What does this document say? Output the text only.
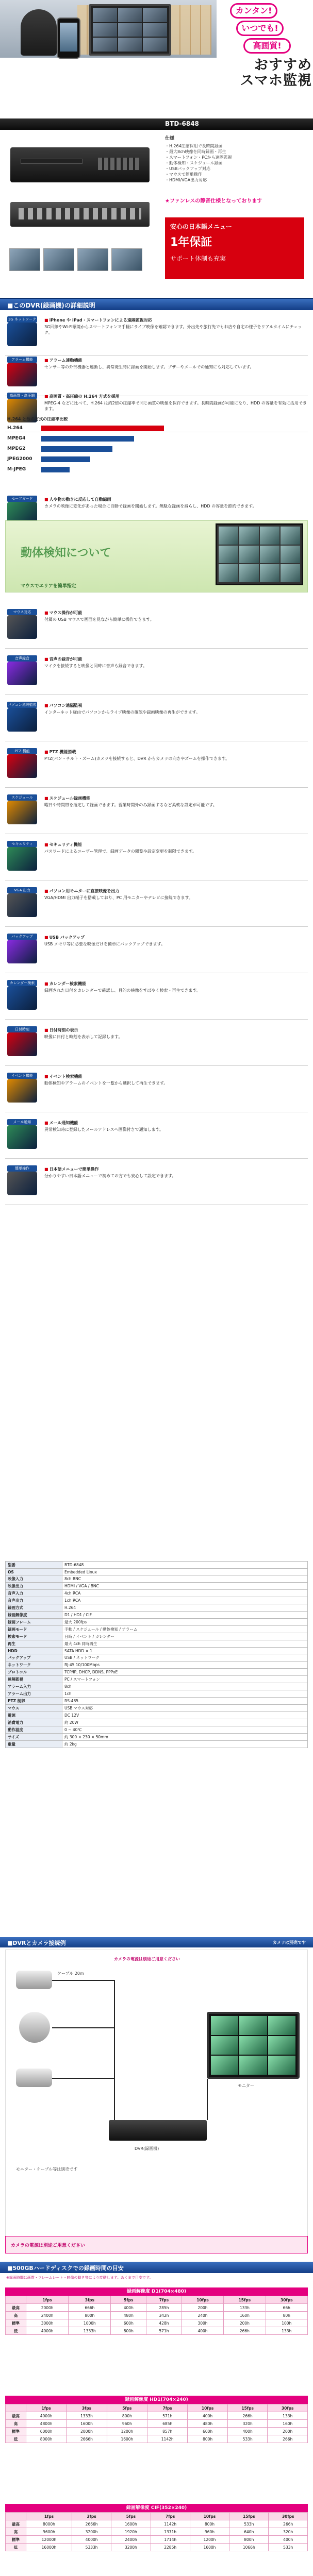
カンタン!
いつでも!
高画質!
おすすめ
スマホ監視
BTD-6848
仕様
・H.264圧縮採用で長時間録画
・最大8ch映像を同時録画・再生
・スマートフォン・PCから遠隔監視
・動体検知・スケジュール録画
・USBバックアップ対応
・マウスで簡単操作
・HDMI/VGA出力対応
★ファンレスの静音仕様となっております
安心の日本語メニュー
1年保証
サポート体制も充実
■このDVR(録画機)の詳細説明
3G ネットワーク	■ iPhone や iPad・スマートフォンによる遠隔監視対応
3G回線やWi-Fi環境からスマートフォンで手軽にライブ映像を確認できます。外出先や旅行先でもお店や自宅の様子をリアルタイムにチェック。
アラーム機能	■ アラーム連動機能
センサー等の外部機器と連動し、異常発生時に録画を開始します。ブザーやメールでの通知にも対応しています。
高画質・高圧縮	■ 高画質・高圧縮の H.264 方式を採用
MPEG-4 などに比べて、H.264 は約2倍の圧縮率で同じ画質の映像を保存できます。長時間録画が可能になり、HDD の容量を有効に活用できます。
セーフガード	■ 人や物の動きに反応して自動録画
カメラの映像に変化があった場合に自動で録画を開始します。無駄な録画を減らし、HDD の容量を節約できます。
マウス対応	■ マウス操作が可能
付属の USB マウスで画面を見ながら簡単に操作できます。
音声録音	■ 音声の録音が可能
マイクを接続すると映像と同時に音声も録音できます。
パソコン遠隔監視	■ パソコン遠隔監視
インターネット経由でパソコンからライブ映像の確認や録画映像の再生ができます。
PTZ 機能	■ PTZ 機能搭載
PTZ(パン・チルト・ズーム)カメラを接続すると、DVR からカメラの向きやズームを操作できます。
スケジュール	■ スケジュール録画機能
曜日や時間帯を指定して録画できます。営業時間外のみ録画するなど柔軟な設定が可能です。
セキュリティ	■ セキュリティ機能
パスワードによるユーザー管理で、録画データの閲覧や設定変更を制限できます。
VGA 出力	■ パソコン用モニターに直接映像を出力
VGA/HDMI 出力端子を搭載しており、PC 用モニターやテレビに接続できます。
バックアップ	■ USB バックアップ
USB メモリ等に必要な映像だけを簡単にバックアップできます。
カレンダー検索	■ カレンダー検索機能
録画された日付をカレンダーで確認し、目的の映像をすばやく検索・再生できます。
日付時刻	■ 日付時刻の表示
映像に日付と時刻を表示して記録します。
イベント機能	■ イベント検索機能
動体検知やアラームのイベントを一覧から選択して再生できます。
メール通知	■ メール通知機能
異常検知時に登録したメールアドレスへ画像付きで通知します。
簡単操作	■ 日本語メニューで簡単操作
分かりやすい日本語メニューで初めての方でも安心して設定できます。
H.264 と他の方式の圧縮率比較
H.264
MPEG4
MPEG2
JPEG2000
M-JPEG
動体検知について
マウスでエリアを簡単指定
型番	BTD-6848
OS	Embedded Linux
映像入力	8ch BNC
映像出力	HDMI / VGA / BNC
音声入力	4ch RCA
音声出力	1ch RCA
録画方式	H.264
録画解像度	D1 / HD1 / CIF
録画フレーム	最大 200fps
録画モード	手動 / スケジュール / 動体検知 / アラーム
検索モード	日時 / イベント / カレンダー
再生	最大 4ch 同時再生
HDD	SATA HDD × 1
バックアップ	USB / ネットワーク
ネットワーク	RJ-45 10/100Mbps
プロトコル	TCP/IP, DHCP, DDNS, PPPoE
遠隔監視	PC / スマートフォン
アラーム入力	8ch
アラーム出力	1ch
PTZ 制御	RS-485
マウス	USB マウス対応
電源	DC 12V
消費電力	約 20W
動作温度	0 ~ 40℃
サイズ	約 300 × 230 × 50mm
重量	約 2kg
■DVRとカメラ接続例	カメラは別売です
カメラの電源は別途ご用意ください
ケーブル 20m
モニター
DVR(録画機)
モニター・ケーブル等は別売です
カメラの電源は別途ご用意ください
■500GBハードディスクでの録画時間の目安
※録画時間は画質・フレームレート・映像の動き等により変動します。あくまで目安です。
録画解像度 D1(704×480)
	1fps	3fps	5fps	7fps	10fps	15fps	30fps
最高	2000h	666h	400h	285h	200h	133h	66h
高	2400h	800h	480h	342h	240h	160h	80h
標準	3000h	1000h	600h	428h	300h	200h	100h
低	4000h	1333h	800h	571h	400h	266h	133h
録画解像度 HD1(704×240)
	1fps	3fps	5fps	7fps	10fps	15fps	30fps
最高	4000h	1333h	800h	571h	400h	266h	133h
高	4800h	1600h	960h	685h	480h	320h	160h
標準	6000h	2000h	1200h	857h	600h	400h	200h
低	8000h	2666h	1600h	1142h	800h	533h	266h
録画解像度 CIF(352×240)
	1fps	3fps	5fps	7fps	10fps	15fps	30fps
最高	8000h	2666h	1600h	1142h	800h	533h	266h
高	9600h	3200h	1920h	1371h	960h	640h	320h
標準	12000h	4000h	2400h	1714h	1200h	800h	400h
低	16000h	5333h	3200h	2285h	1600h	1066h	533h
